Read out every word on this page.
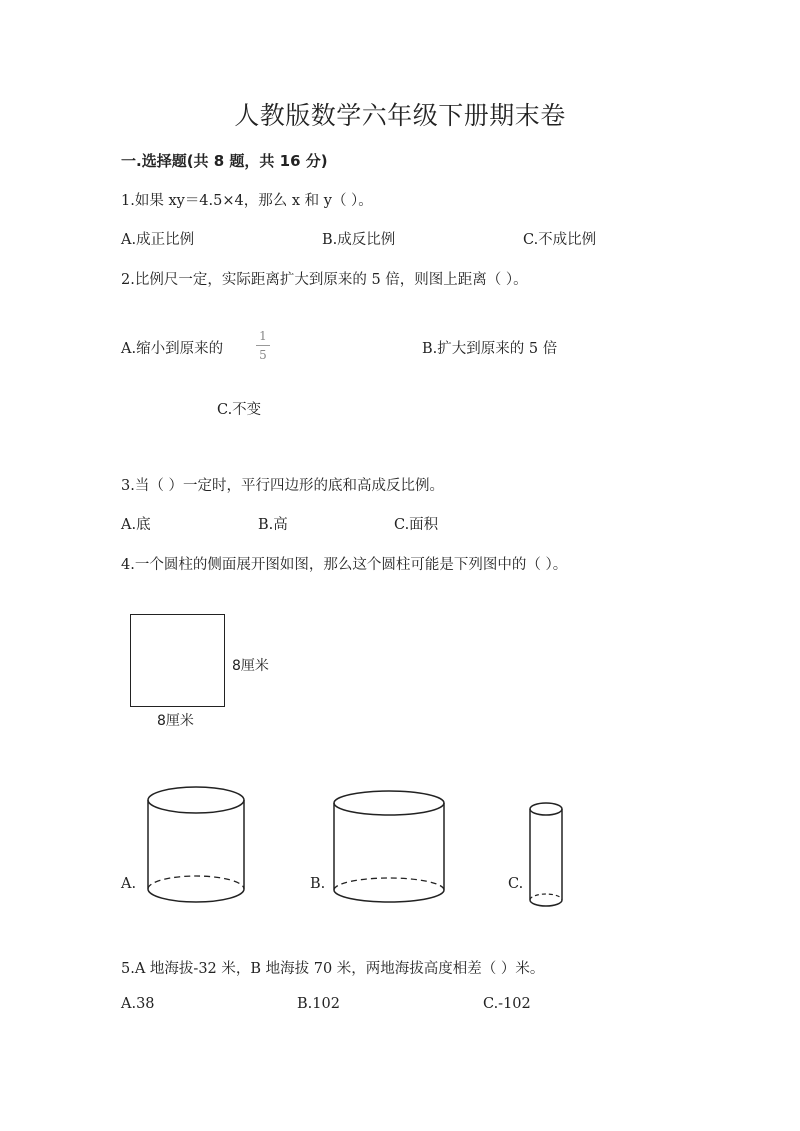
人教版数学六年级下册期末卷
一.选择题(共 8 题，共 16 分)
1.如果 xy＝4.5×4，那么 x 和 y（ ）。
A.成正比例	B.成反比例	C.不成比例
2.比例尺一定，实际距离扩大到原来的 5 倍，则图上距离（ ）。
A.缩小到原来的
1
5	B.扩大到原来的 5 倍
C.不变
3.当（ ）一定时，平行四边形的底和高成反比例。
A.底	B.高	C.面积
4.一个圆柱的侧面展开图如图，那么这个圆柱可能是下列图中的（ ）。
8厘米
8厘米
A.	B.	C.
5.A 地海拔-32 米，B 地海拔 70 米，两地海拔高度相差（ ）米。
A.38	B.102	C.-102
